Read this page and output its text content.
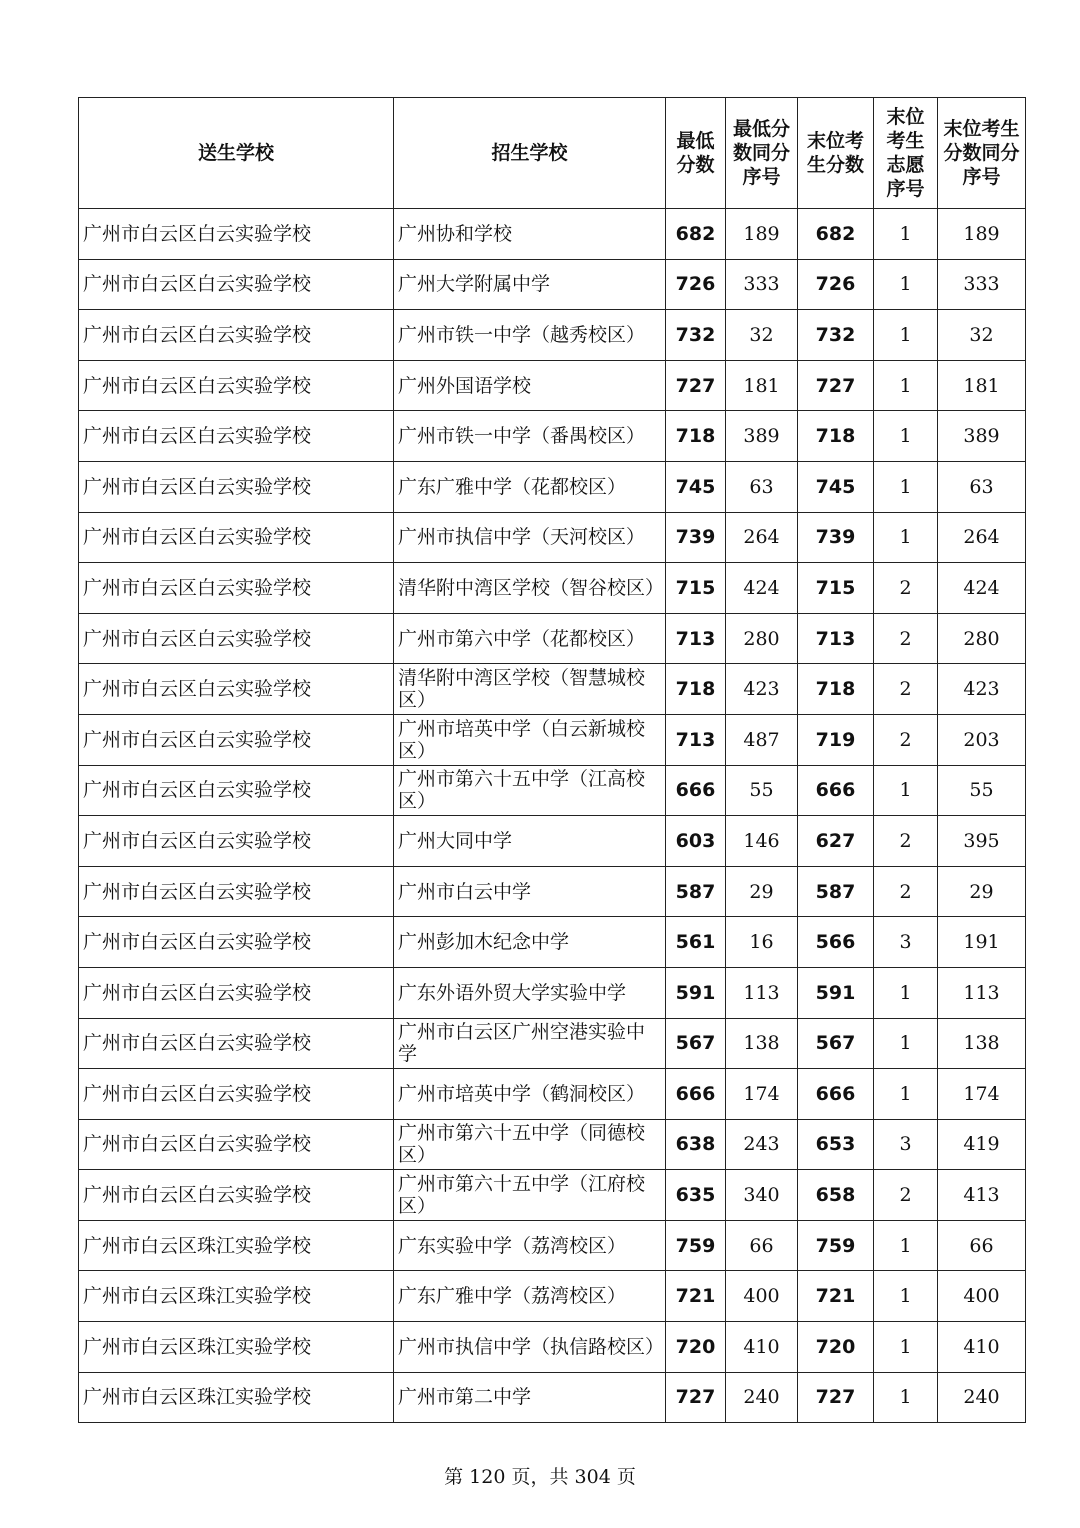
送生学校	招生学校	最低分数	最低分数同分序号	末位考生分数	末位考生志愿序号	末位考生分数同分序号
广州市白云区白云实验学校	广州协和学校	682	189	682	1	189
广州市白云区白云实验学校	广州大学附属中学	726	333	726	1	333
广州市白云区白云实验学校	广州市铁一中学（越秀校区）	732	32	732	1	32
广州市白云区白云实验学校	广州外国语学校	727	181	727	1	181
广州市白云区白云实验学校	广州市铁一中学（番禺校区）	718	389	718	1	389
广州市白云区白云实验学校	广东广雅中学（花都校区）	745	63	745	1	63
广州市白云区白云实验学校	广州市执信中学（天河校区）	739	264	739	1	264
广州市白云区白云实验学校	清华附中湾区学校（智谷校区）	715	424	715	2	424
广州市白云区白云实验学校	广州市第六中学（花都校区）	713	280	713	2	280
广州市白云区白云实验学校	清华附中湾区学校（智慧城校区）	718	423	718	2	423
广州市白云区白云实验学校	广州市培英中学（白云新城校区）	713	487	719	2	203
广州市白云区白云实验学校	广州市第六十五中学（江高校区）	666	55	666	1	55
广州市白云区白云实验学校	广州大同中学	603	146	627	2	395
广州市白云区白云实验学校	广州市白云中学	587	29	587	2	29
广州市白云区白云实验学校	广州彭加木纪念中学	561	16	566	3	191
广州市白云区白云实验学校	广东外语外贸大学实验中学	591	113	591	1	113
广州市白云区白云实验学校	广州市白云区广州空港实验中学	567	138	567	1	138
广州市白云区白云实验学校	广州市培英中学（鹤洞校区）	666	174	666	1	174
广州市白云区白云实验学校	广州市第六十五中学（同德校区）	638	243	653	3	419
广州市白云区白云实验学校	广州市第六十五中学（江府校区）	635	340	658	2	413
广州市白云区珠江实验学校	广东实验中学（荔湾校区）	759	66	759	1	66
广州市白云区珠江实验学校	广东广雅中学（荔湾校区）	721	400	721	1	400
广州市白云区珠江实验学校	广州市执信中学（执信路校区）	720	410	720	1	410
广州市白云区珠江实验学校	广州市第二中学	727	240	727	1	240
第 120 页，共 304 页
